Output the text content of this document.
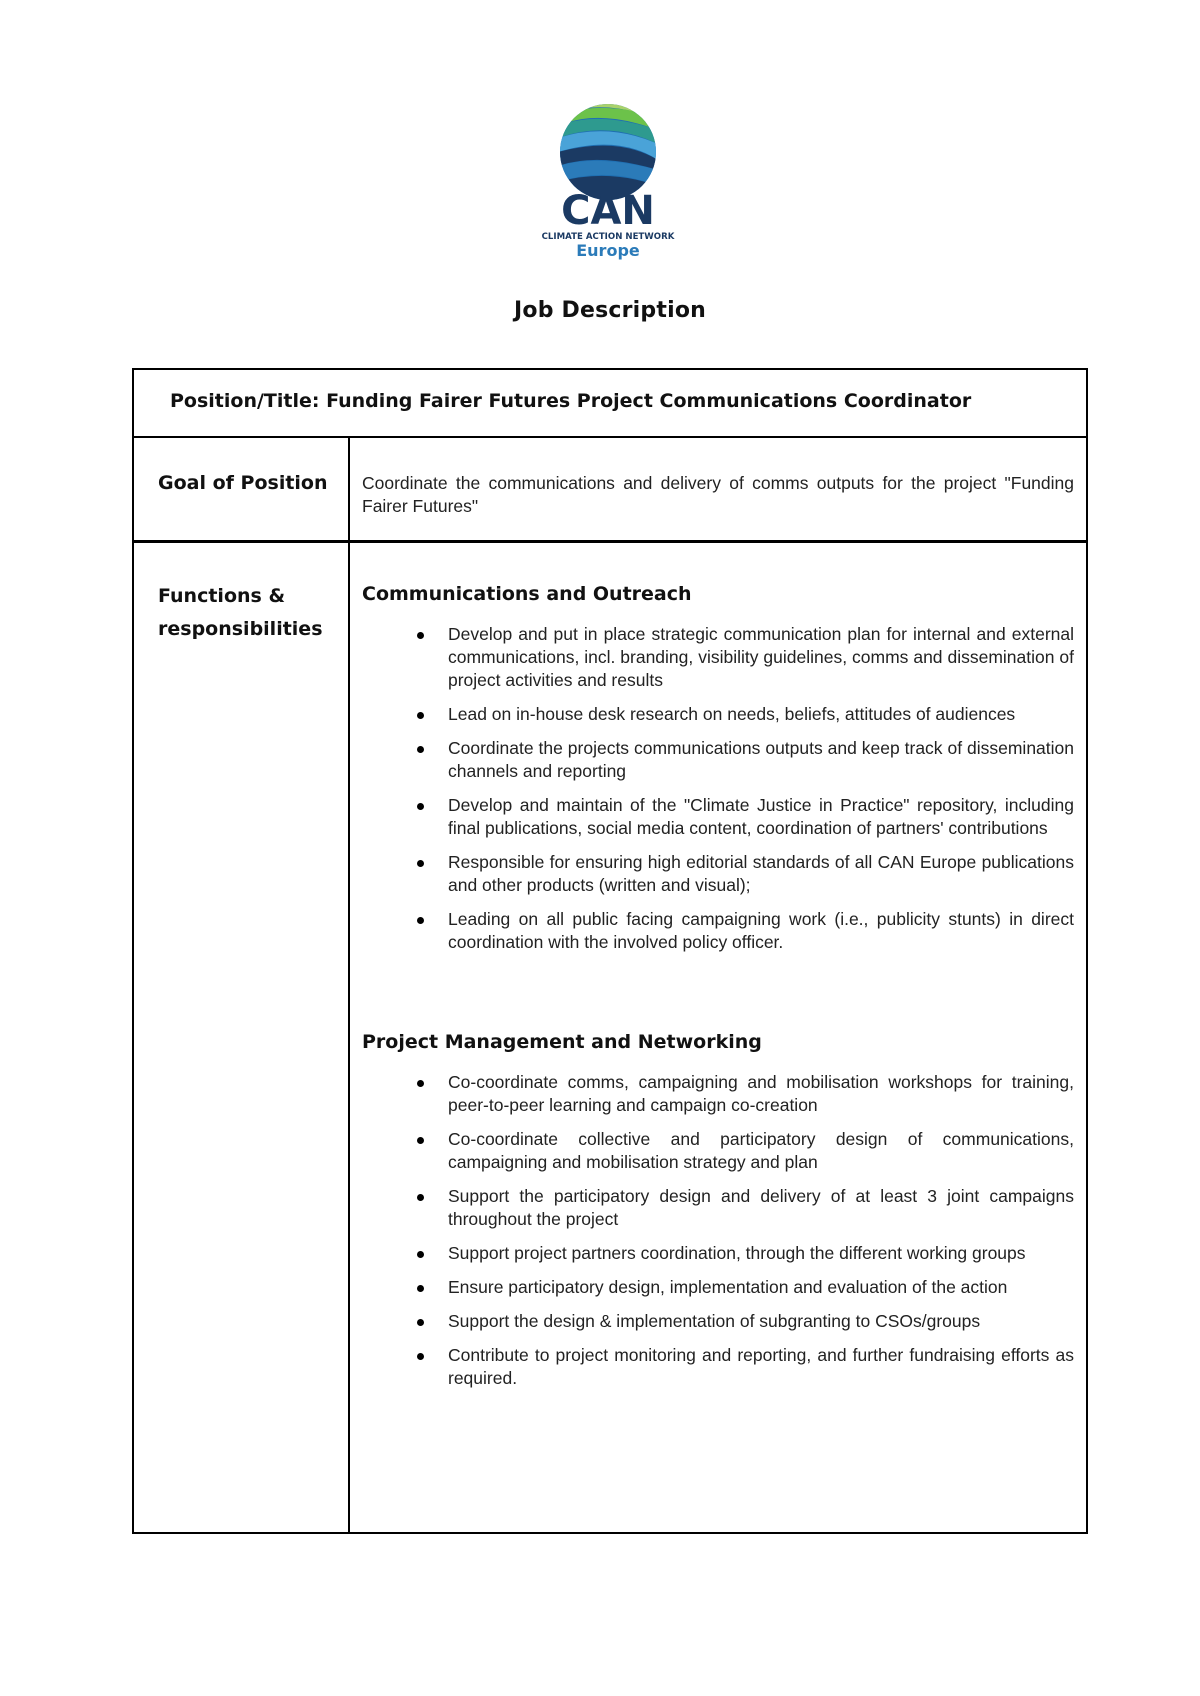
CAN
CLIMATE ACTION NETWORK
Europe
Job Description
Position/Title: Funding Fairer Futures Project Communications Coordinator
Goal of Position Coordinate the communications and delivery of comms outputs for the project "Funding Fairer Futures"
Functions & responsibilities
Communications and Outreach
Develop and put in place strategic communication plan for internal and external communications, incl. branding, visibility guidelines, comms and dissemination of project activities and results
Lead on in-house desk research on needs, beliefs, attitudes of audiences
Coordinate the projects communications outputs and keep track of dissemination channels and reporting
Develop and maintain of the "Climate Justice in Practice" repository, including final publications, social media content, coordination of partners' contributions
Responsible for ensuring high editorial standards of all CAN Europe publications and other products (written and visual);
Leading on all public facing campaigning work (i.e., publicity stunts) in direct coordination with the involved policy officer.
Project Management and Networking
Co-coordinate comms, campaigning and mobilisation workshops for training, peer-to-peer learning and campaign co-creation
Co-coordinate collective and participatory design of communications, campaigning and mobilisation strategy and plan
Support the participatory design and delivery of at least 3 joint campaigns throughout the project
Support project partners coordination, through the different working groups
Ensure participatory design, implementation and evaluation of the action
Support the design & implementation of subgranting to CSOs/groups
Contribute to project monitoring and reporting, and further fundraising efforts as required.
